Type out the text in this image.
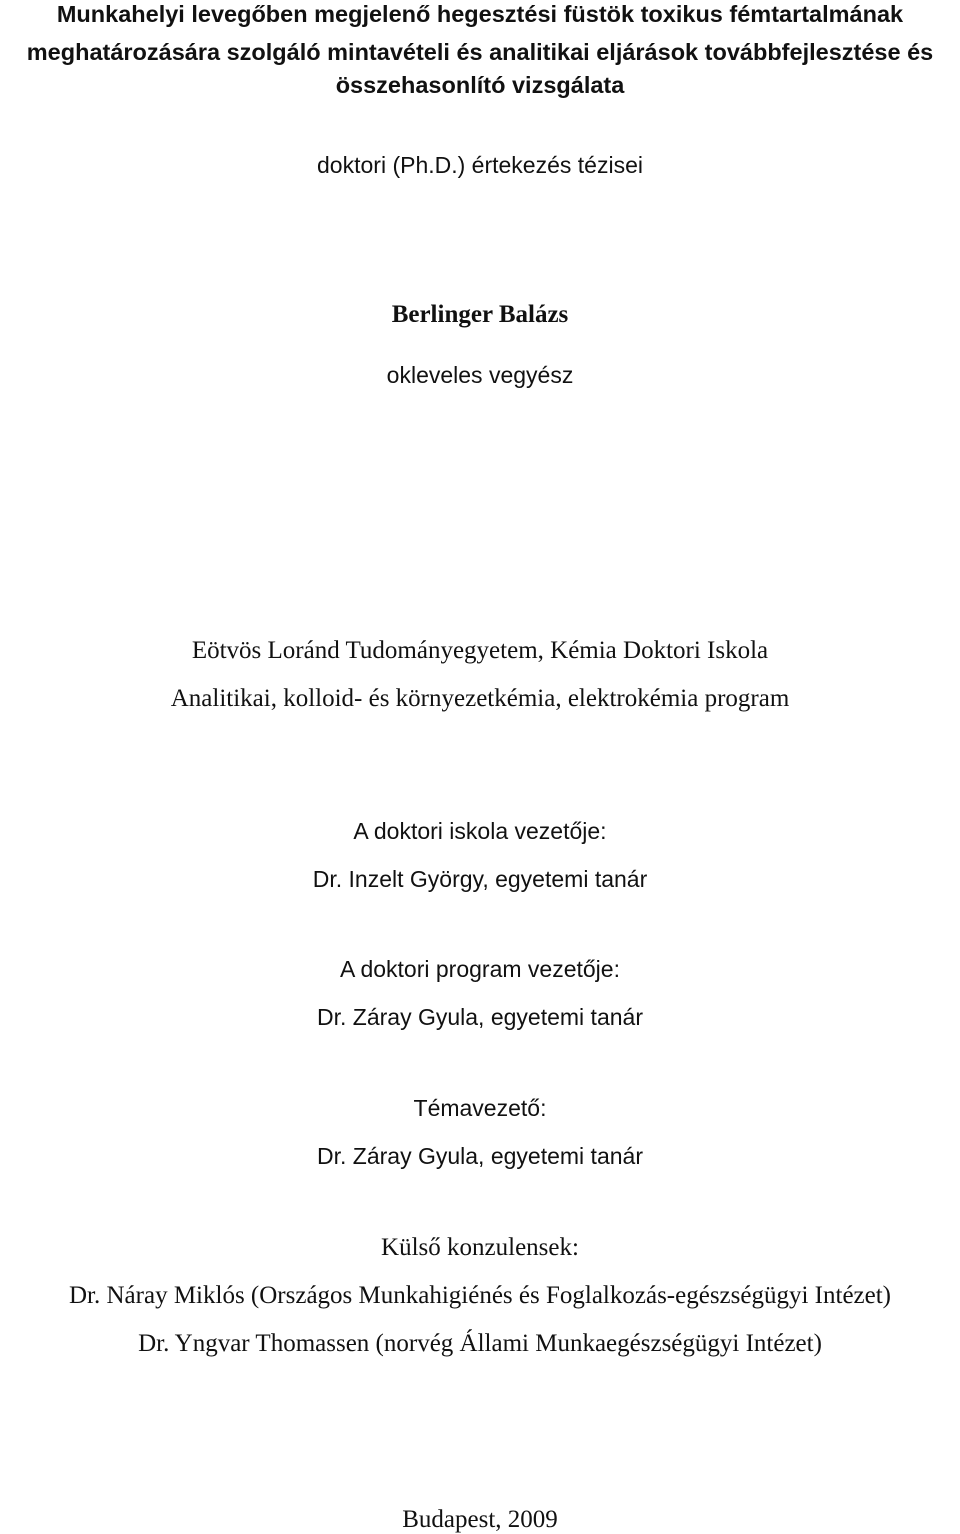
Munkahelyi levegőben megjelenő hegesztési füstök toxikus fémtartalmának
meghatározására szolgáló mintavételi és analitikai eljárások továbbfejlesztése és
összehasonlító vizsgálata
doktori (Ph.D.) értekezés tézisei
Berlinger Balázs
okleveles vegyész
Eötvös Loránd Tudományegyetem, Kémia Doktori Iskola
Analitikai, kolloid- és környezetkémia, elektrokémia program
A doktori iskola vezetője:
Dr. Inzelt György, egyetemi tanár
A doktori program vezetője:
Dr. Záray Gyula, egyetemi tanár
Témavezető:
Dr. Záray Gyula, egyetemi tanár
Külső konzulensek:
Dr. Náray Miklós (Országos Munkahigiénés és Foglalkozás-egészségügyi Intézet)
Dr. Yngvar Thomassen (norvég Állami Munkaegészségügyi Intézet)
Budapest, 2009
